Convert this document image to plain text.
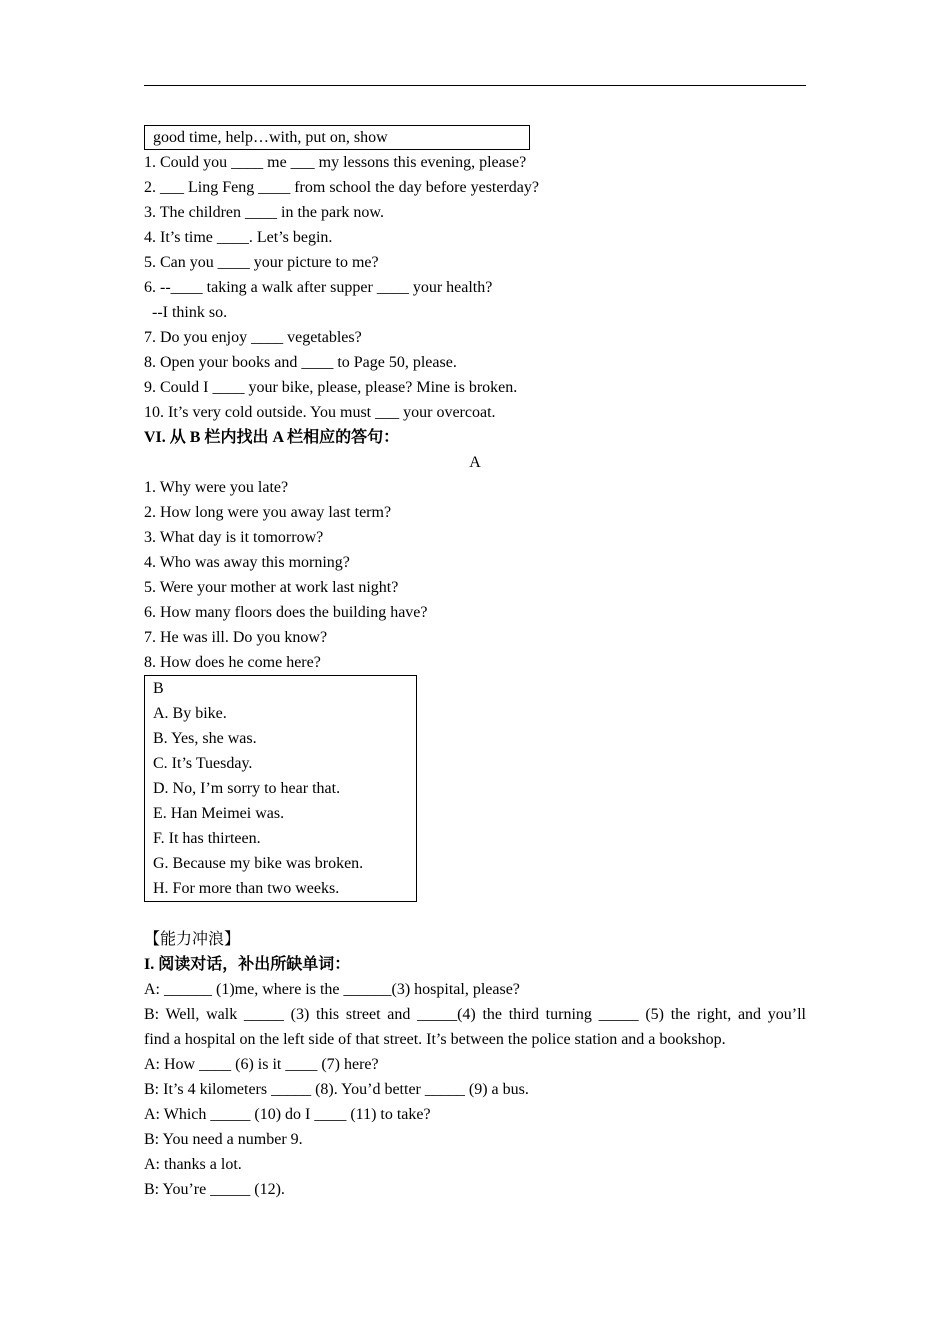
good time, help…with, put on, show
1. Could you ____ me ___ my lessons this evening, please?
2. ___ Ling Feng ____ from school the day before yesterday?
3. The children ____ in the park now.
4. It’s time ____. Let’s begin.
5. Can you ____ your picture to me?
6. --____ taking a walk after supper ____ your health?
--I think so.
7. Do you enjoy ____ vegetables?
8. Open your books and ____ to Page 50, please.
9. Could I ____ your bike, please, please? Mine is broken.
10. It’s very cold outside. You must ___ your overcoat.
VI. 从 B 栏内找出 A 栏相应的答句：
A
1. Why were you late?
2. How long were you away last term?
3. What day is it tomorrow?
4. Who was away this morning?
5. Were your mother at work last night?
6. How many floors does the building have?
7. He was ill. Do you know?
8. How does he come here?
B
A. By bike.
B. Yes, she was.
C. It’s Tuesday.
D. No, I’m sorry to hear that.
E. Han Meimei was.
F. It has thirteen.
G. Because my bike was broken.
H. For more than two weeks.
【能力冲浪】
I. 阅读对话，补出所缺单词：
A: ______ (1)me, where is the ______(3) hospital, please?
B: Well, walk _____ (3) this street and _____(4) the third turning _____ (5) the right, and you’ll
find a hospital on the left side of that street. It’s between the police station and a bookshop.
A: How ____ (6) is it ____ (7) here?
B: It’s 4 kilometers _____ (8). You’d better _____ (9) a bus.
A: Which _____ (10) do I ____ (11) to take?
B: You need a number 9.
A: thanks a lot.
B: You’re _____ (12).
